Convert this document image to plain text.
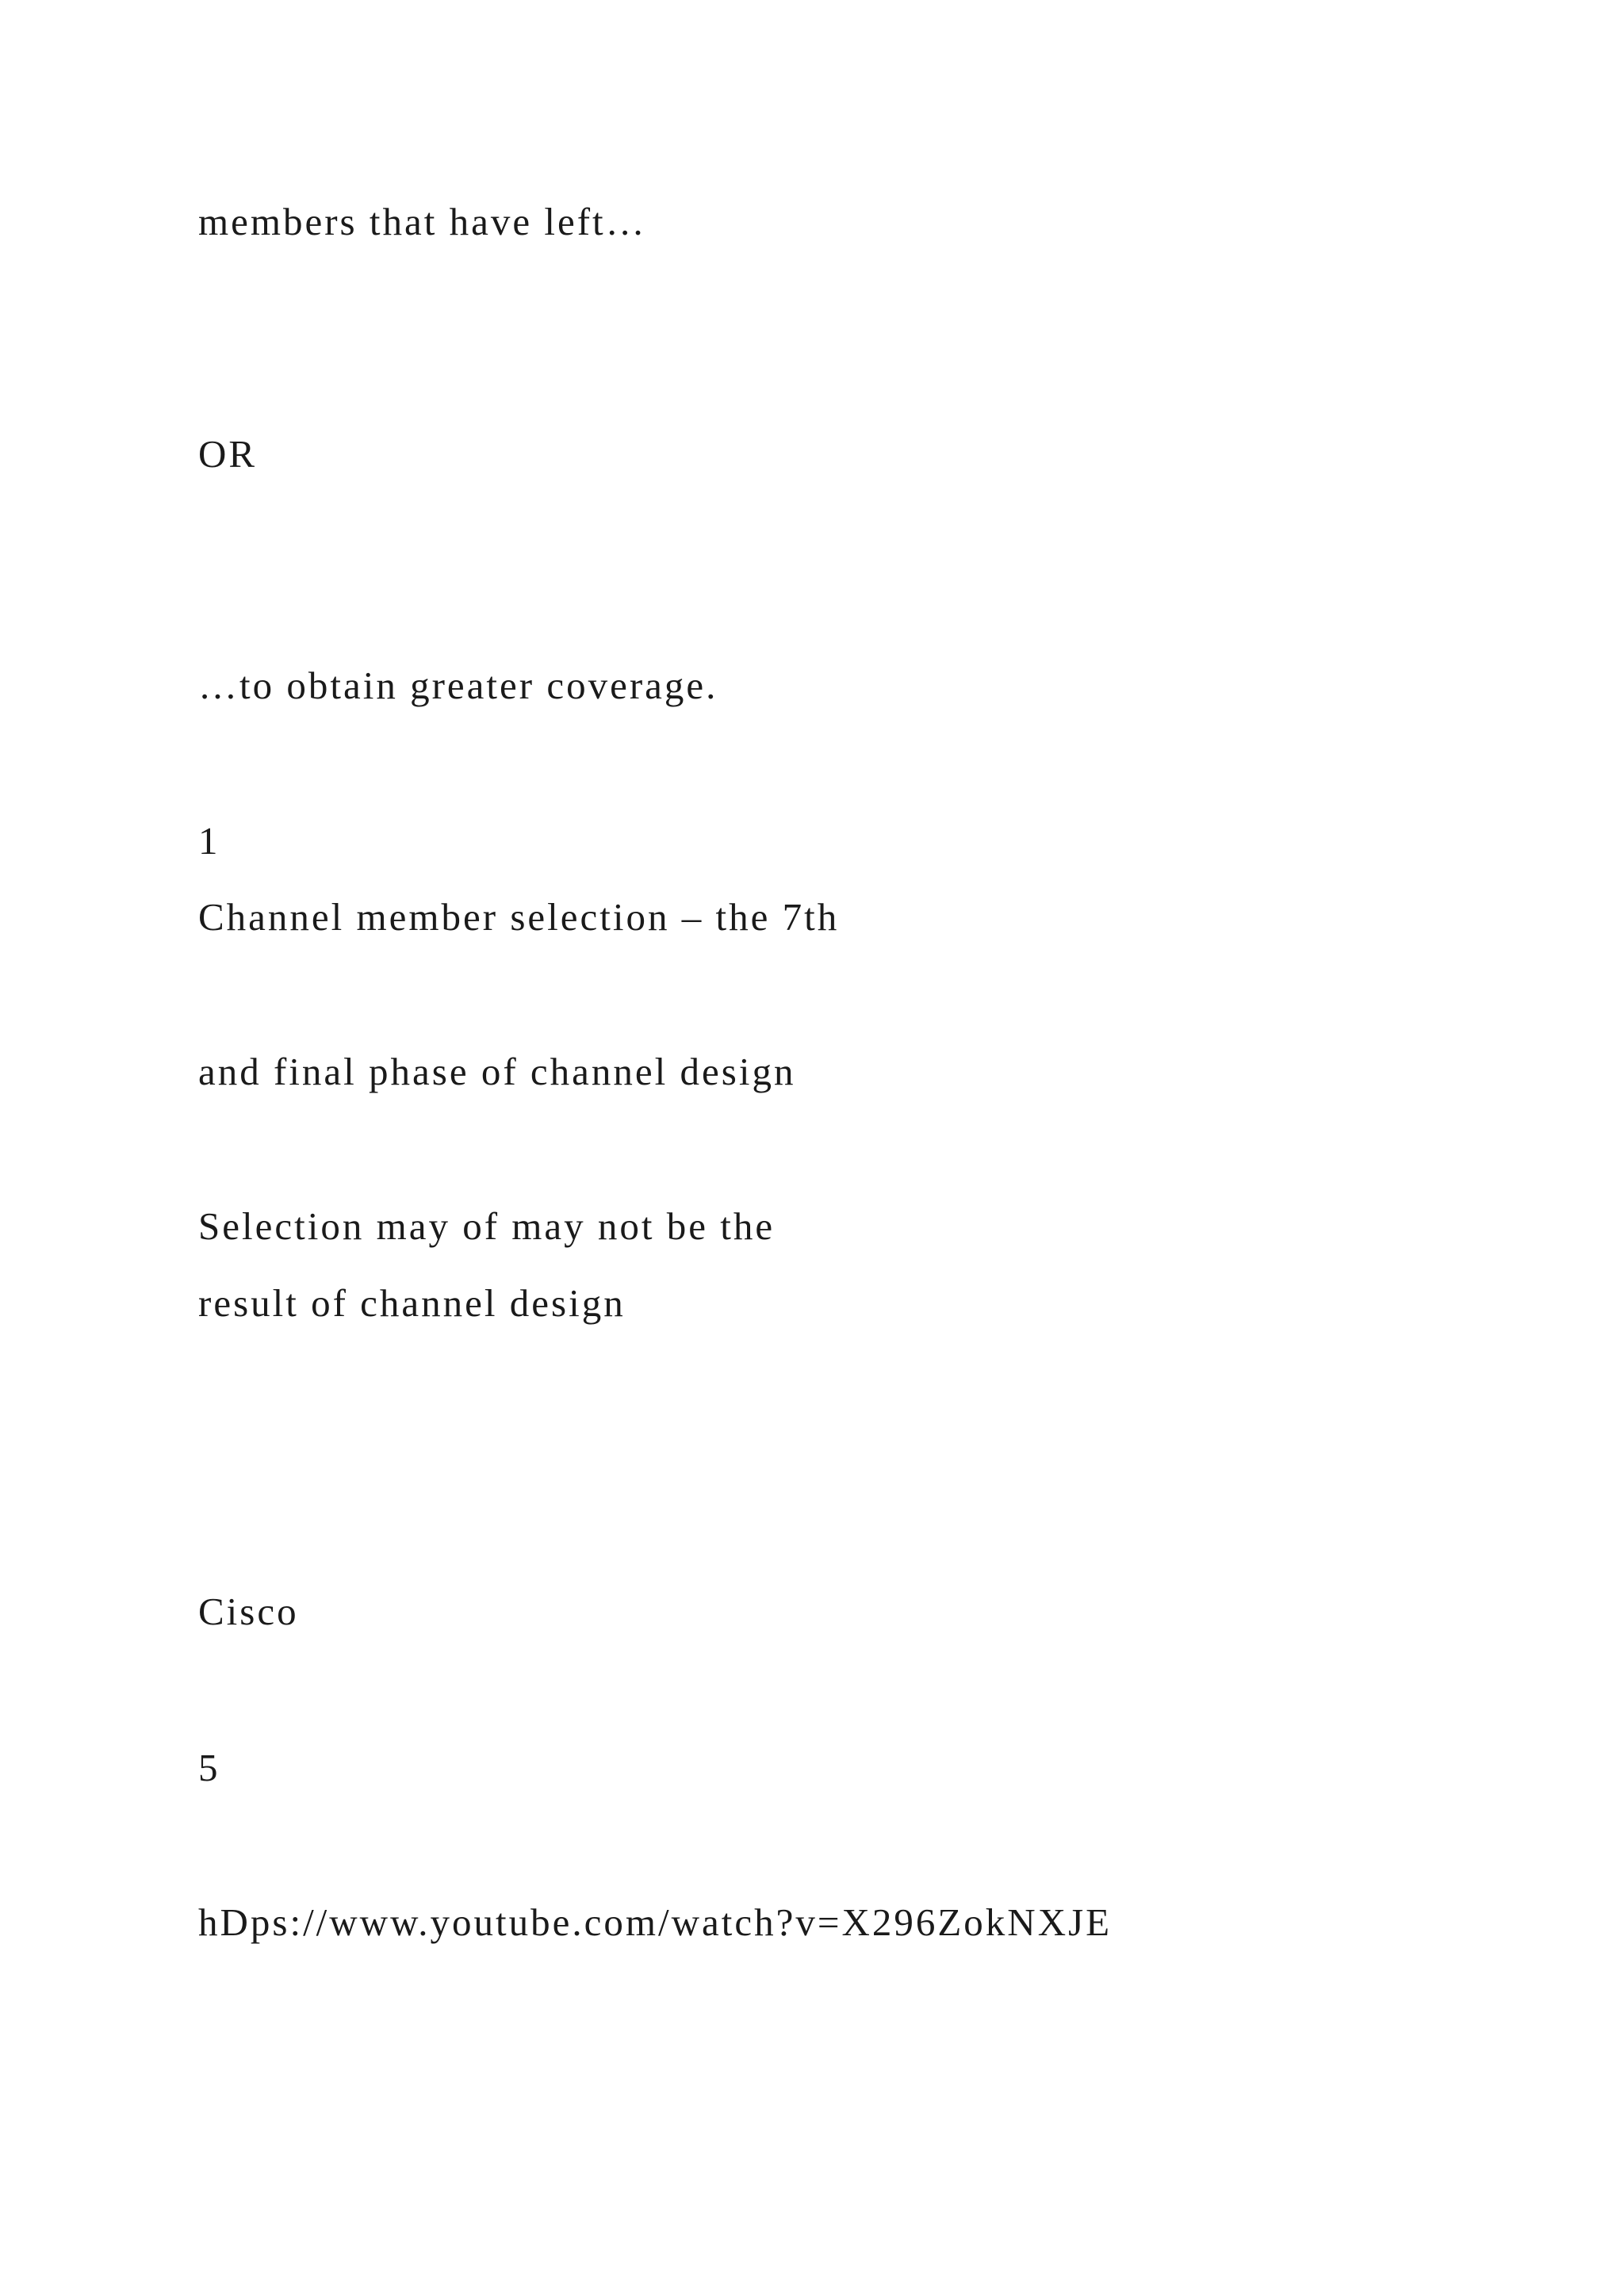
members that have left…
OR
…to obtain greater coverage.
1
Channel member selection – the 7th
and final phase of channel design
Selection may of may not be the
result of channel design
Cisco
5
hDps://www.youtube.com/watch?v=X296ZokNXJE
